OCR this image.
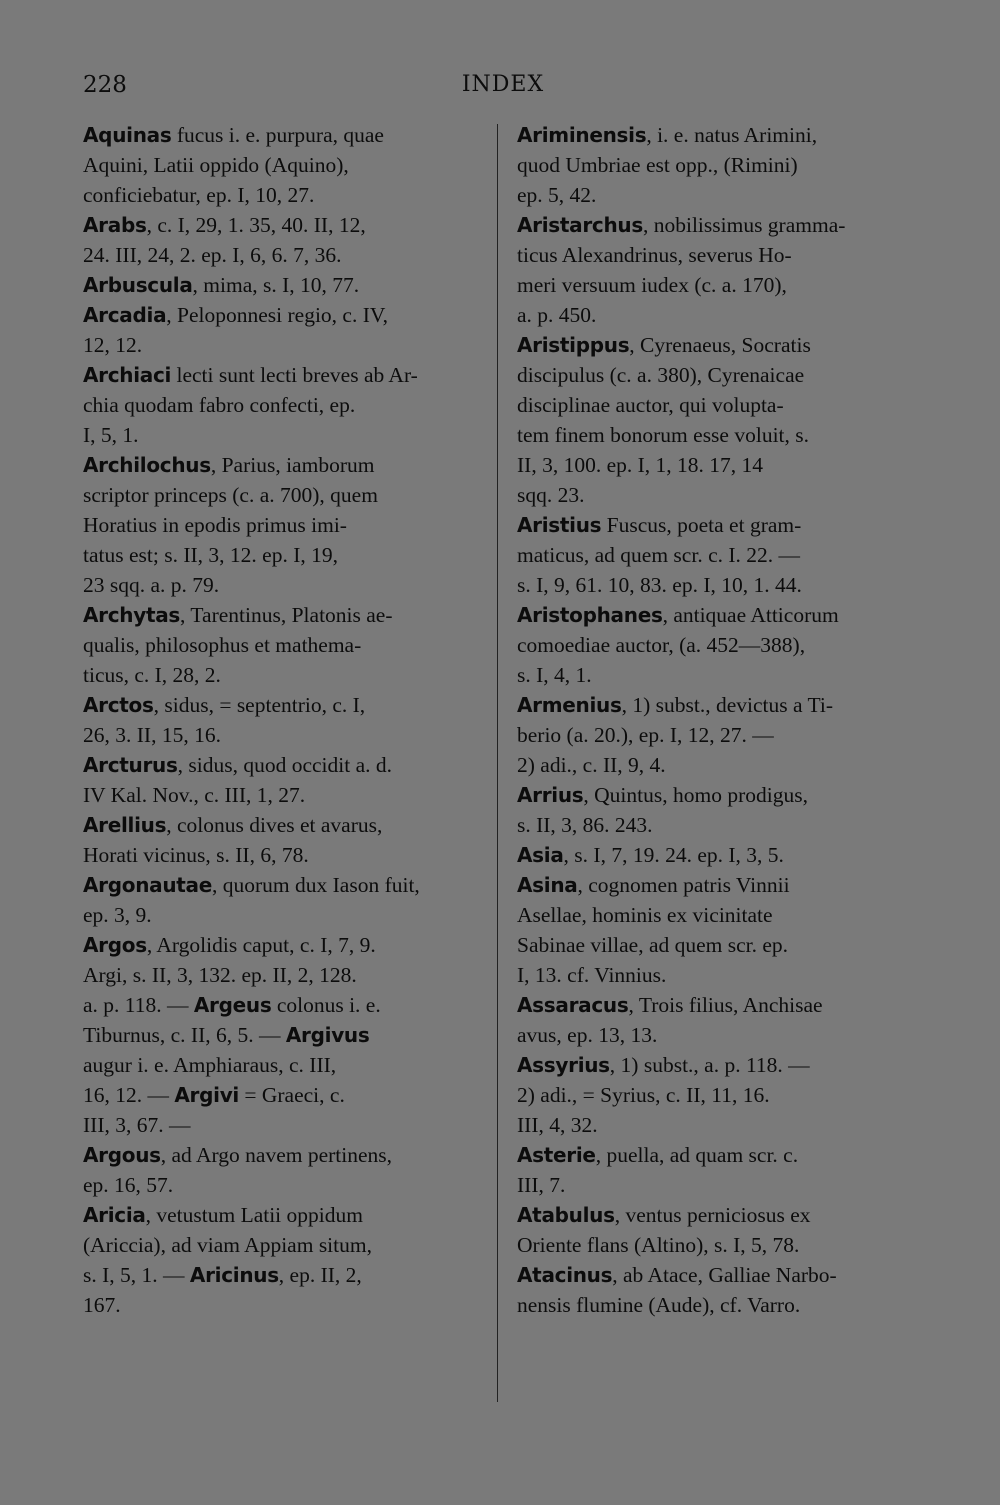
228	INDEX
Aquinas fucus i. e. purpura, quae
Aquini, Latii oppido (Aquino),
conficiebatur, ep. I, 10, 27.
Arabs, c. I, 29, 1. 35, 40. II, 12,
24. III, 24, 2. ep. I, 6, 6. 7, 36.
Arbuscula, mima, s. I, 10, 77.
Arcadia, Peloponnesi regio, c. IV,
12, 12.
Archiaci lecti sunt lecti breves ab Ar-
chia quodam fabro confecti, ep.
I, 5, 1.
Archilochus, Parius, iamborum
scriptor princeps (c. a. 700), quem
Horatius in epodis primus imi-
tatus est; s. II, 3, 12. ep. I, 19,
23 sqq. a. p. 79.
Archytas, Tarentinus, Platonis ae-
qualis, philosophus et mathema-
ticus, c. I, 28, 2.
Arctos, sidus, = septentrio, c. I,
26, 3. II, 15, 16.
Arcturus, sidus, quod occidit a. d.
IV Kal. Nov., c. III, 1, 27.
Arellius, colonus dives et avarus,
Horati vicinus, s. II, 6, 78.
Argonautae, quorum dux Iason fuit,
ep. 3, 9.
Argos, Argolidis caput, c. I, 7, 9.
Argi, s. II, 3, 132. ep. II, 2, 128.
a. p. 118. — Argeus colonus i. e.
Tiburnus, c. II, 6, 5. — Argivus
augur i. e. Amphiaraus, c. III,
16, 12. — Argivi = Graeci, c.
III, 3, 67. —
Argous, ad Argo navem pertinens,
ep. 16, 57.
Aricia, vetustum Latii oppidum
(Ariccia), ad viam Appiam situm,
s. I, 5, 1. — Aricinus, ep. II, 2,
167.
Ariminensis, i. e. natus Arimini,
quod Umbriae est opp., (Rimini)
ep. 5, 42.
Aristarchus, nobilissimus gramma-
ticus Alexandrinus, severus Ho-
meri versuum iudex (c. a. 170),
a. p. 450.
Aristippus, Cyrenaeus, Socratis
discipulus (c. a. 380), Cyrenaicae
disciplinae auctor, qui volupta-
tem finem bonorum esse voluit, s.
II, 3, 100. ep. I, 1, 18. 17, 14
sqq. 23.
Aristius Fuscus, poeta et gram-
maticus, ad quem scr. c. I. 22. —
s. I, 9, 61. 10, 83. ep. I, 10, 1. 44.
Aristophanes, antiquae Atticorum
comoediae auctor, (a. 452—388),
s. I, 4, 1.
Armenius, 1) subst., devictus a Ti-
berio (a. 20.), ep. I, 12, 27. —
2) adi., c. II, 9, 4.
Arrius, Quintus, homo prodigus,
s. II, 3, 86. 243.
Asia, s. I, 7, 19. 24. ep. I, 3, 5.
Asina, cognomen patris Vinnii
Asellae, hominis ex vicinitate
Sabinae villae, ad quem scr. ep.
I, 13. cf. Vinnius.
Assaracus, Trois filius, Anchisae
avus, ep. 13, 13.
Assyrius, 1) subst., a. p. 118. —
2) adi., = Syrius, c. II, 11, 16.
III, 4, 32.
Asterie, puella, ad quam scr. c.
III, 7.
Atabulus, ventus perniciosus ex
Oriente flans (Altino), s. I, 5, 78.
Atacinus, ab Atace, Galliae Narbo-
nensis flumine (Aude), cf. Varro.
